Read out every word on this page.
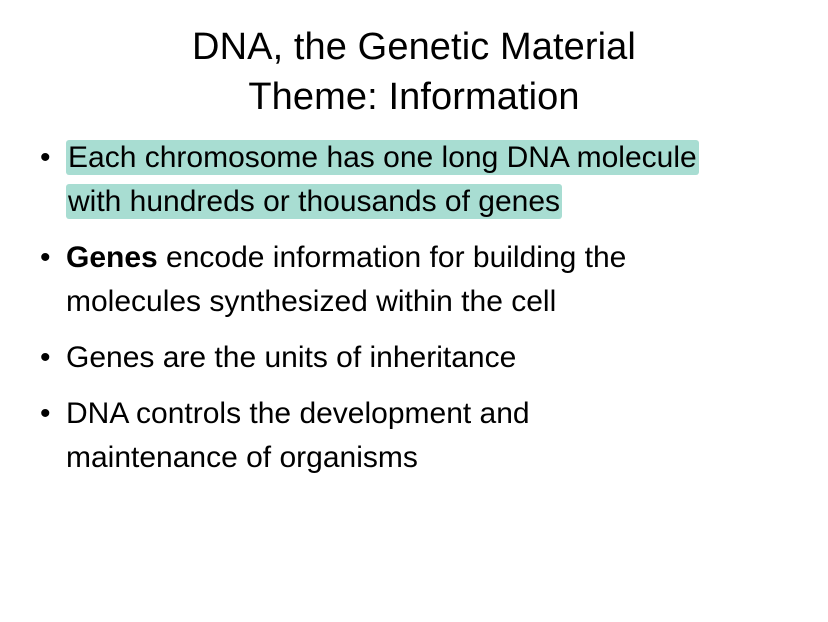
DNA, the Genetic Material
Theme: Information
• Each chromosome has one long DNA molecule
with hundreds or thousands of genes
• Genes encode information for building the
molecules synthesized within the cell
• Genes are the units of inheritance
• DNA controls the development and
maintenance of organisms
